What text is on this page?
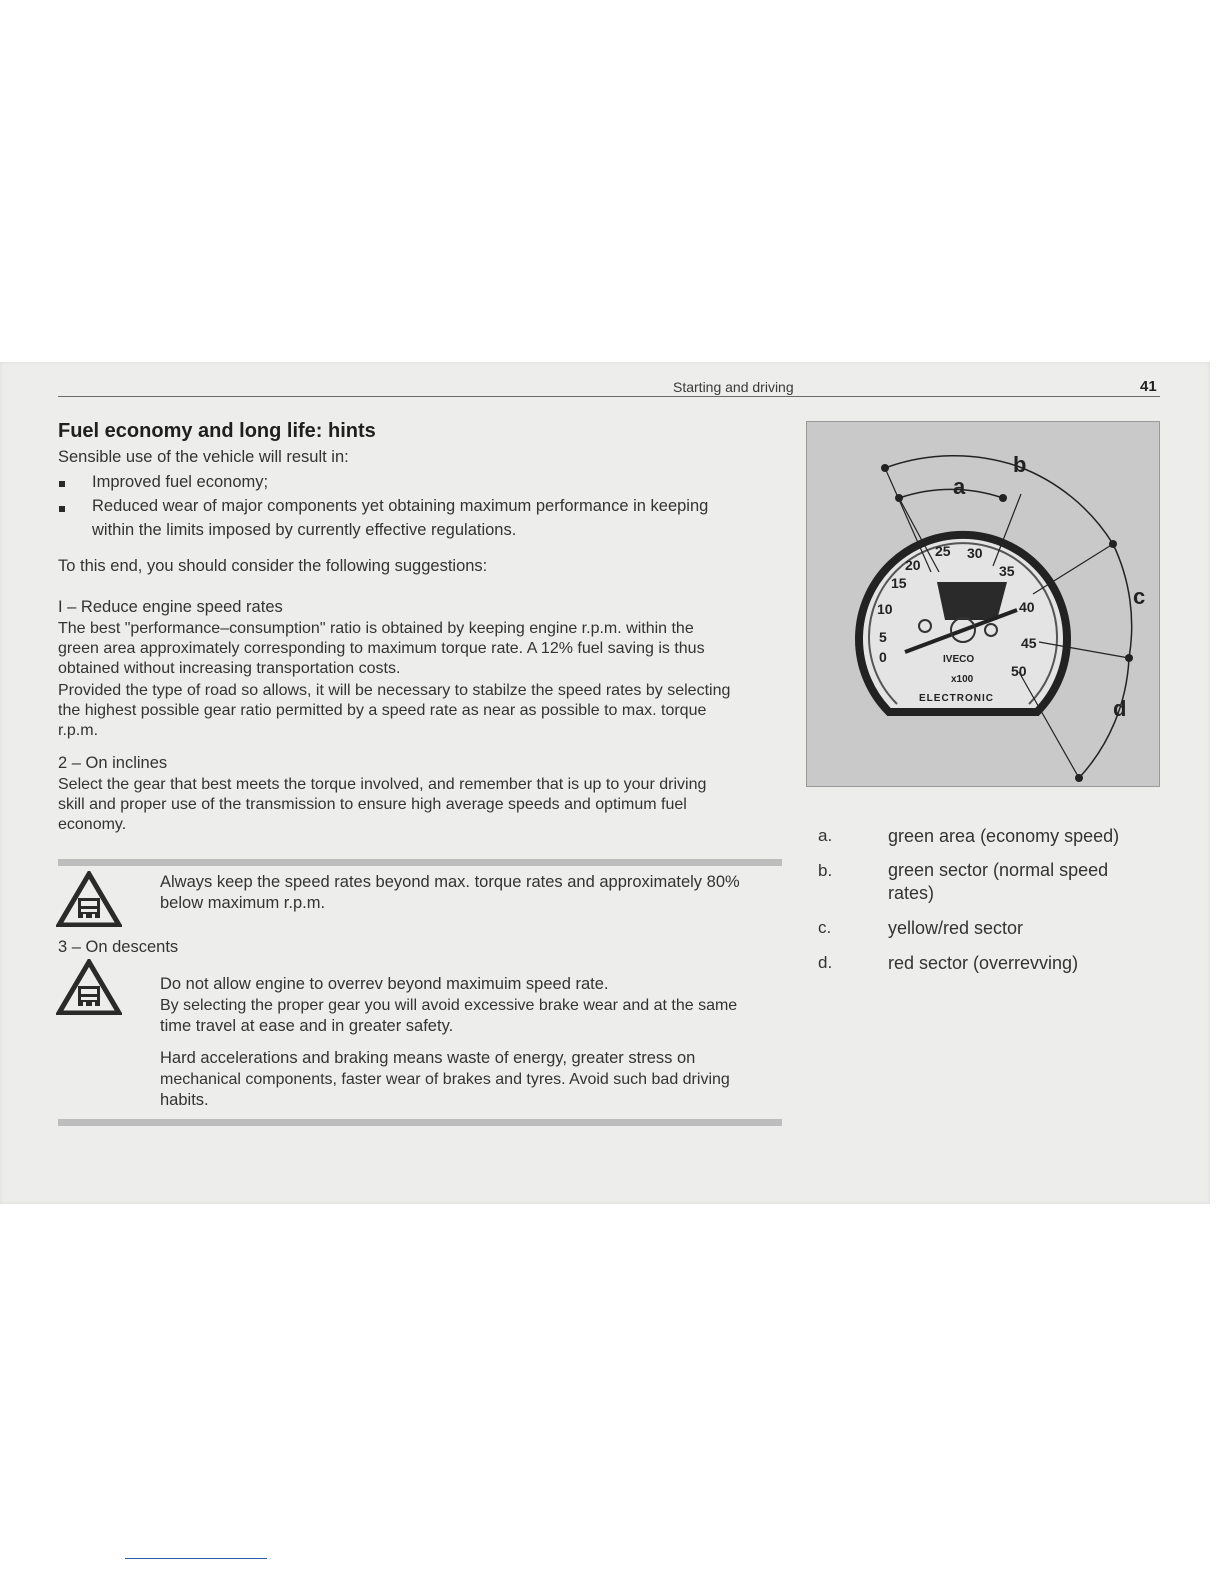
Starting and driving	41
Fuel economy and long life: hints
Sensible use of the vehicle will result in:
Improved fuel economy;
Reduced wear of major components yet obtaining maximum performance in keeping
within the limits imposed by currently effective regulations.
To this end, you should consider the following suggestions:
I – Reduce engine speed rates
The best "performance–consumption" ratio is obtained by keeping engine r.p.m. within the
green area approximately corresponding to maximum torque rate. A 12% fuel saving is thus
obtained without increasing transportation costs.
Provided the type of road so allows, it will be necessary to stabilze the speed rates by selecting
the highest possible gear ratio permitted by a speed rate as near as possible to max. torque
r.p.m.
2 – On inclines
Select the gear that best meets the torque involved, and remember that is up to your driving
skill and proper use of the transmission to ensure high average speeds and optimum fuel
economy.
Always keep the speed rates beyond max. torque rates and approximately 80%
below maximum r.p.m.
3 – On descents
Do not allow engine to overrev beyond maximuim speed rate.
By selecting the proper gear you will avoid excessive brake wear and at the same
time travel at ease and in greater safety.
Hard accelerations and braking means waste of energy, greater stress on
mechanical components, faster wear of brakes and tyres. Avoid such bad driving
habits.
0
5
10
15
20
25 30
35
40
45
50
IVECO
x100
ELECTRONIC
a
b
c
d
a.	green area (economy speed)
b.	green sector (normal speed rates)
c.	yellow/red sector
d.	red sector (overrevving)
